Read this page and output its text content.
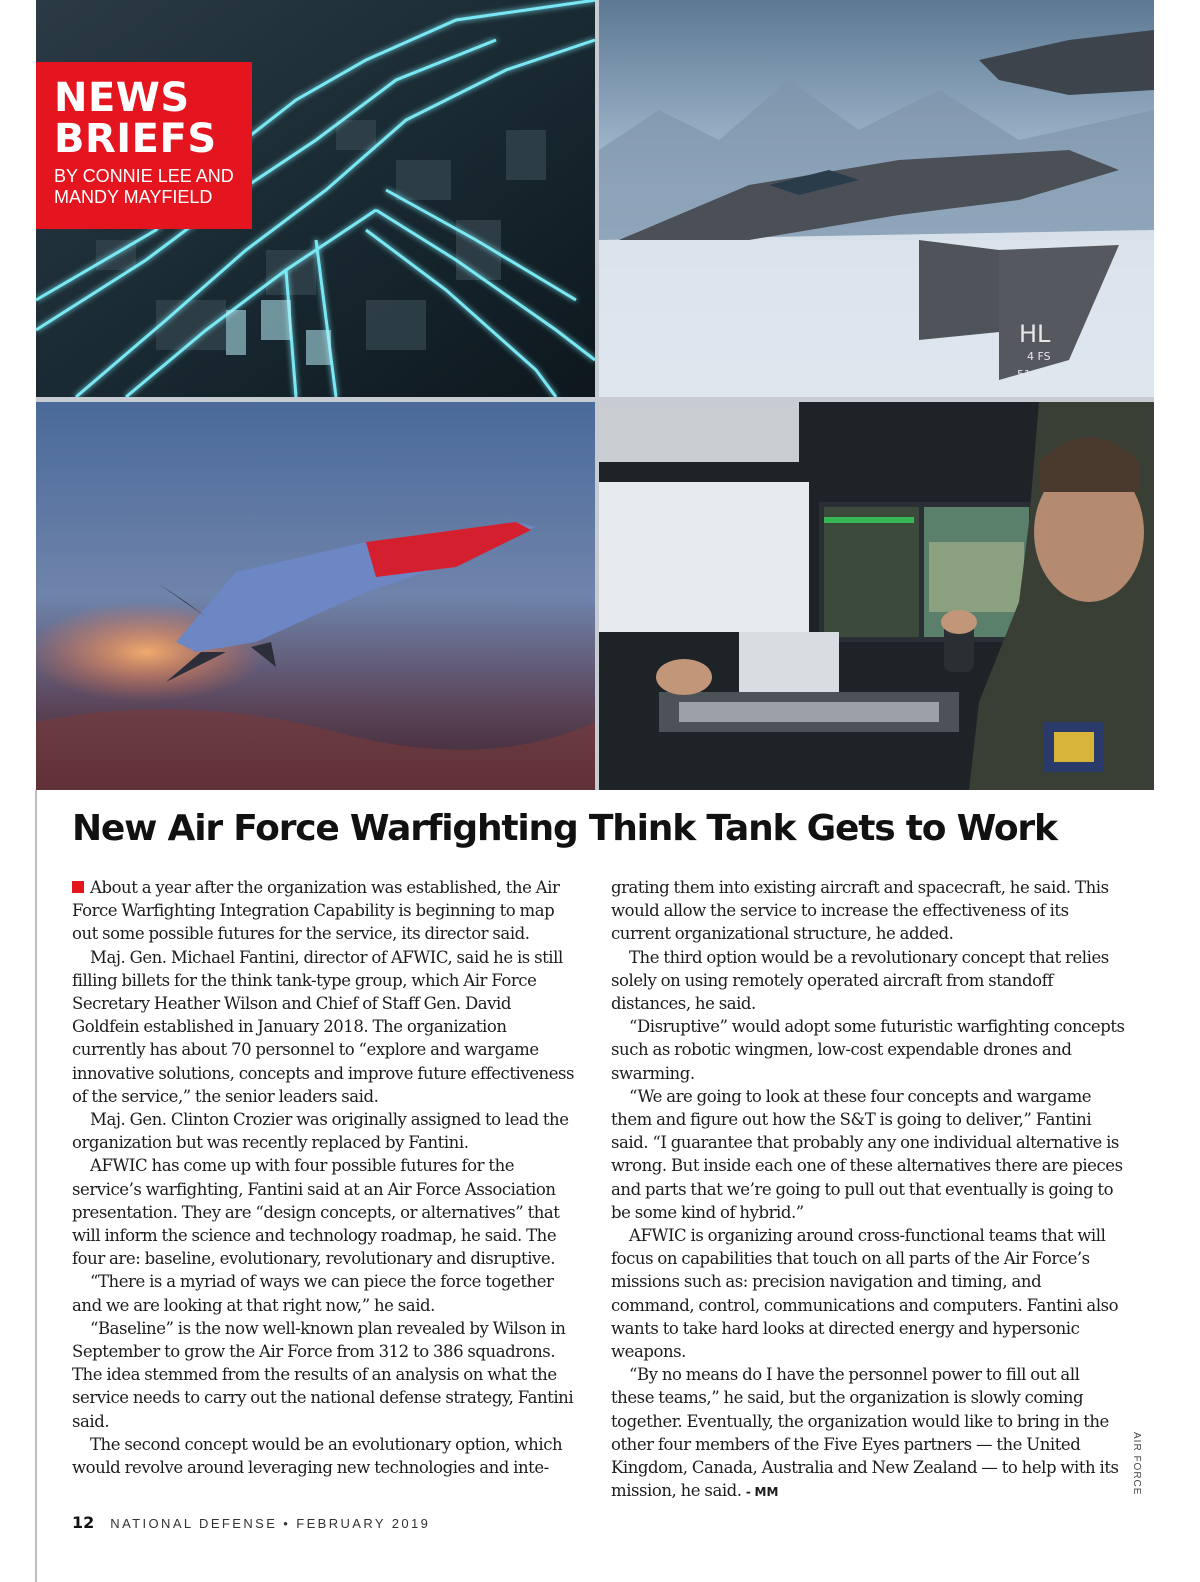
HL
4 FS
5140
NEWS
BRIEFS
BY CONNIE LEE AND
MANDY MAYFIELD
New Air Force Warfighting Think Tank Gets to Work

About a year after the organization was established, the Air Force Warfighting Integration Capability is beginning to map out some possible futures for the service, its director said.

Maj. Gen. Michael Fantini, director of AFWIC, said he is still filling billets for the think tank-type group, which Air Force Secretary Heather Wilson and Chief of Staff Gen. David Goldfein established in January 2018. The organization currently has about 70 personnel to “explore and wargame innovative solutions, concepts and improve future effectiveness of the service,” the senior leaders said.

Maj. Gen. Clinton Crozier was originally assigned to lead the organization but was recently replaced by Fantini.

AFWIC has come up with four possible futures for the service’s warfighting, Fantini said at an Air Force Association presentation. They are “design concepts, or alternatives” that will inform the science and technology roadmap, he said. The four are: baseline, evolutionary, revolutionary and disruptive.

“There is a myriad of ways we can piece the force together and we are looking at that right now,” he said.

“Baseline” is the now well-known plan revealed by Wilson in September to grow the Air Force from 312 to 386 squadrons. The idea stemmed from the results of an analysis on what the service needs to carry out the national defense strategy, Fantini said.

The second concept would be an evolutionary option, which would revolve around leveraging new technologies and inte-

grating them into existing aircraft and spacecraft, he said. This would allow the service to increase the effectiveness of its current organizational structure, he added.

The third option would be a revolutionary concept that relies solely on using remotely operated aircraft from standoff distances, he said.

“Disruptive” would adopt some futuristic warfighting concepts such as robotic wingmen, low-cost expendable drones and swarming.

“We are going to look at these four concepts and wargame them and figure out how the S&T is going to deliver,” Fantini said. “I guarantee that probably any one individual alternative is wrong. But inside each one of these alternatives there are pieces and parts that we’re going to pull out that eventually is going to be some kind of hybrid.”

AFWIC is organizing around cross-functional teams that will focus on capabilities that touch on all parts of the Air Force’s missions such as: precision navigation and timing, and command, control, communications and computers. Fantini also wants to take hard looks at directed energy and hypersonic weapons.

“By no means do I have the personnel power to fill out all these teams,” he said, but the organization is slowly coming together. Eventually, the organization would like to bring in the other four members of the Five Eyes partners — the United Kingdom, Canada, Australia and New Zealand — to help with its mission, he said. - MM	AIR FORCE
12 NATIONAL DEFENSE • FEBRUARY 2019
